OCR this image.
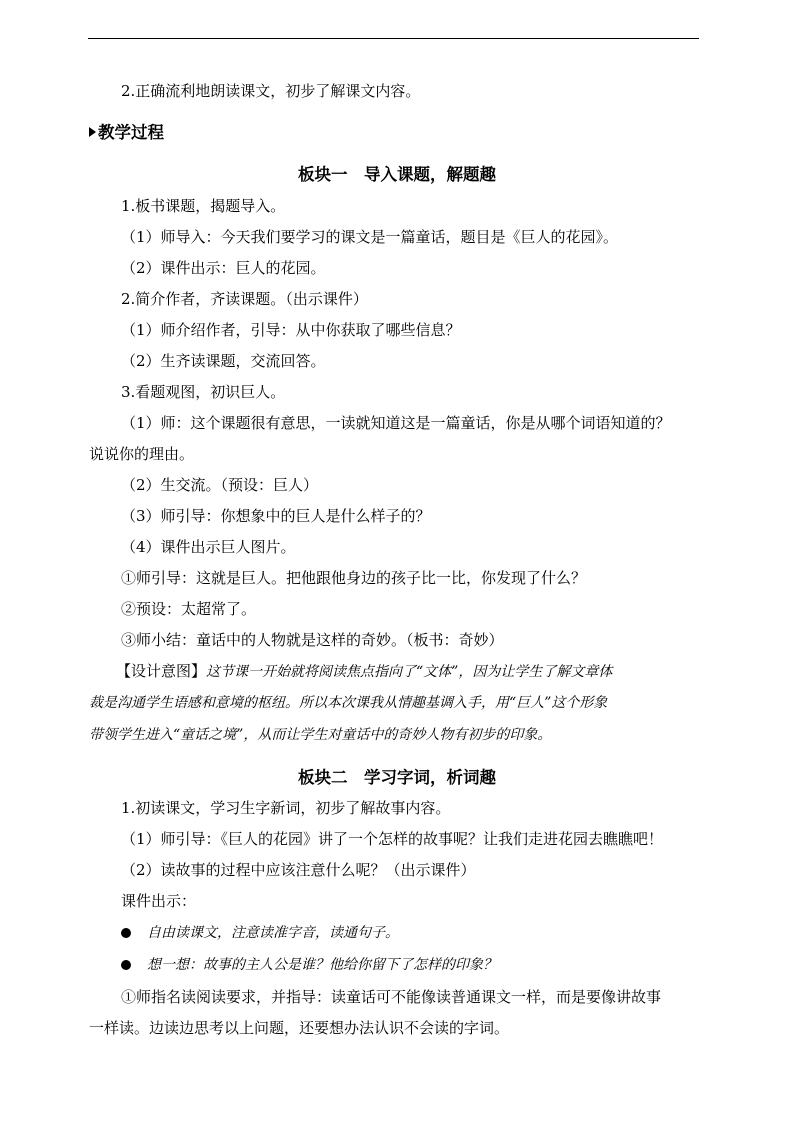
2.正确流利地朗读课文，初步了解课文内容。
教学过程
板块一　导入课题，解题趣
1.板书课题，揭题导入。
（1）师导入：今天我们要学习的课文是一篇童话，题目是《巨人的花园》。
（2）课件出示：巨人的花园。
2.简介作者，齐读课题。（出示课件）
（1）师介绍作者，引导：从中你获取了哪些信息？
（2）生齐读课题，交流回答。
3.看题观图，初识巨人。
（1）师：这个课题很有意思，一读就知道这是一篇童话，你是从哪个词语知道的？
说说你的理由。
（2）生交流。（预设：巨人）
（3）师引导：你想象中的巨人是什么样子的？
（4）课件出示巨人图片。
①师引导：这就是巨人。把他跟他身边的孩子比一比，你发现了什么？
②预设：太超常了。
③师小结：童话中的人物就是这样的奇妙。（板书：奇妙）
【设计意图】这节课一开始就将阅读焦点指向了“文体”，因为让学生了解文章体
裁是沟通学生语感和意境的枢纽。所以本次课我从情趣基调入手，用“巨人”这个形象
带领学生进入“童话之境”，从而让学生对童话中的奇妙人物有初步的印象。
板块二　学习字词，析词趣
1.初读课文，学习生字新词，初步了解故事内容。
（1）师引导：《巨人的花园》讲了一个怎样的故事呢？让我们走进花园去瞧瞧吧！
（2）读故事的过程中应该注意什么呢？（出示课件）
课件出示：
自由读课文，注意读准字音，读通句子。
想一想：故事的主人公是谁？他给你留下了怎样的印象？
①师指名读阅读要求，并指导：读童话可不能像读普通课文一样，而是要像讲故事
一样读。边读边思考以上问题，还要想办法认识不会读的字词。
